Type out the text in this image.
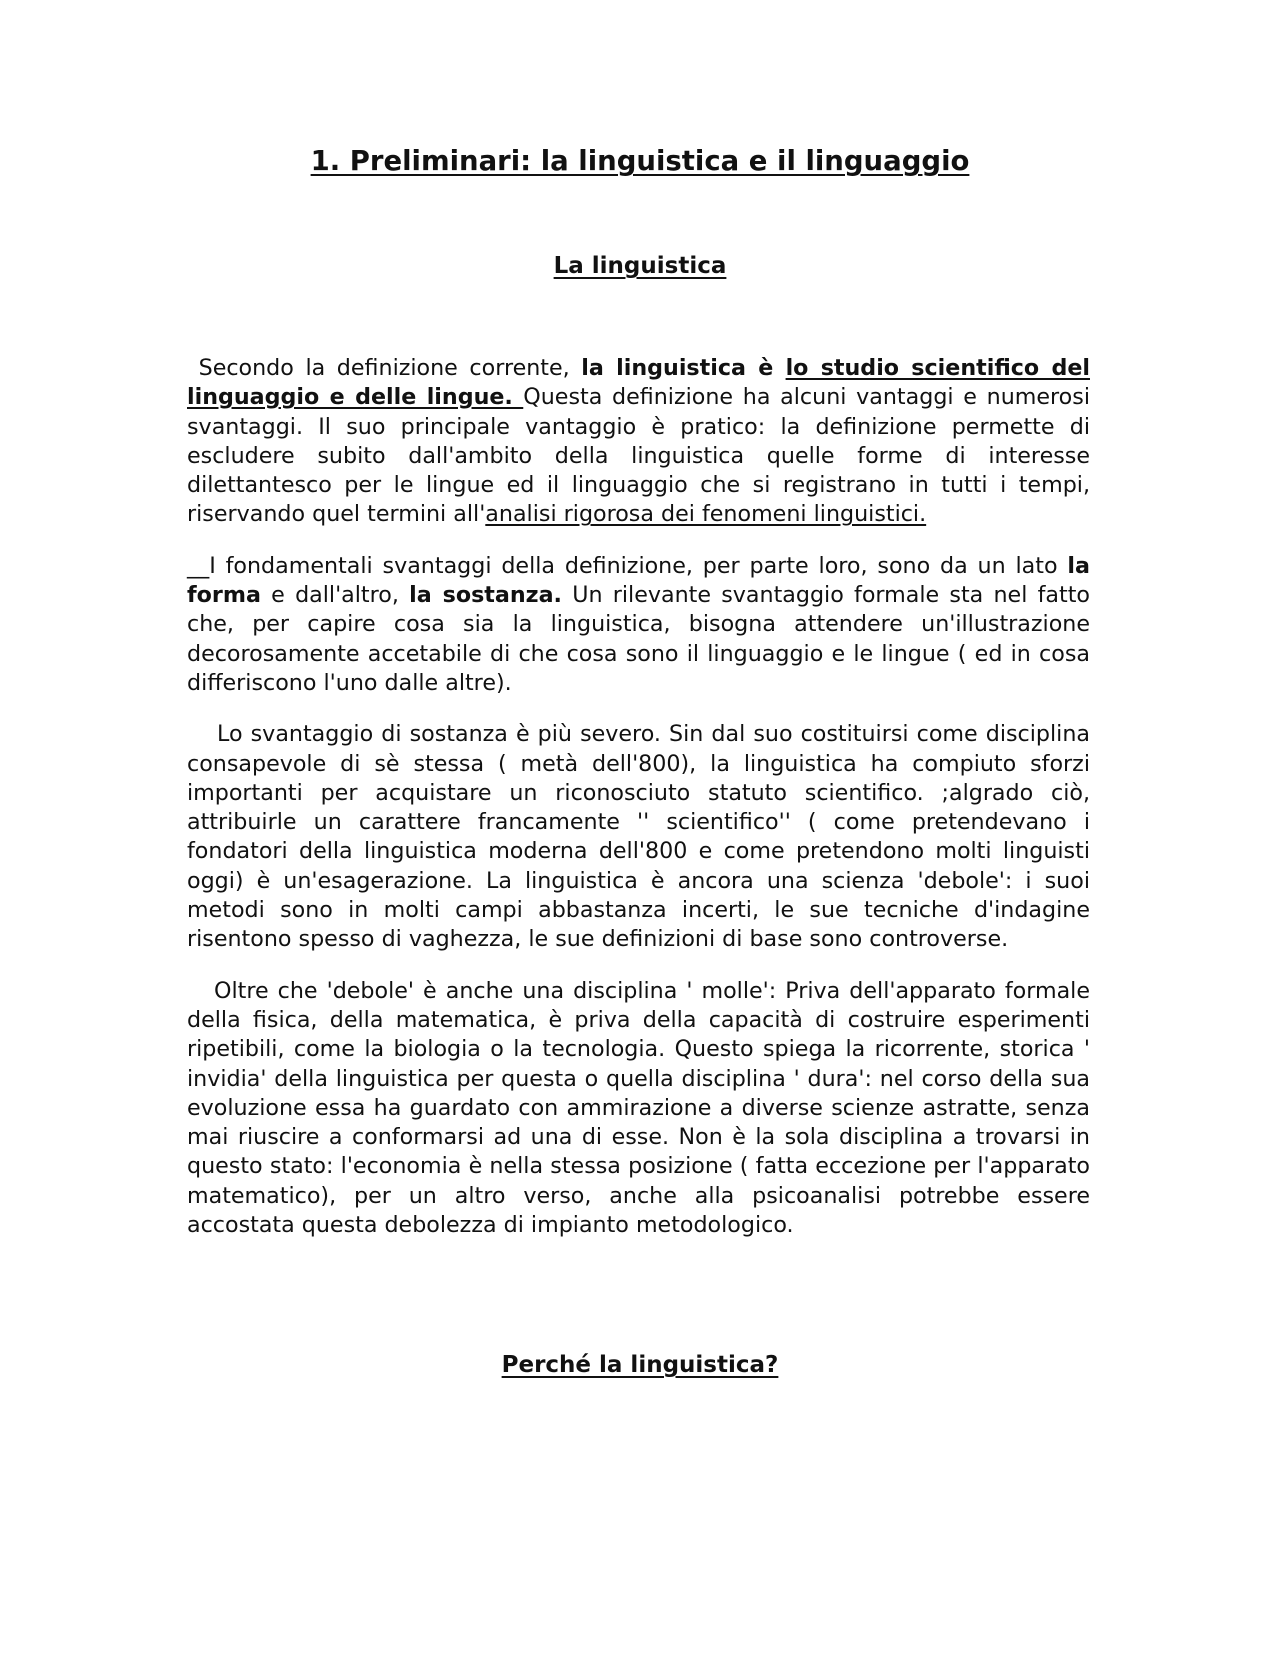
1. Preliminari: la linguistica e il linguaggio
La linguistica

Secondo la definizione corrente, la linguistica è lo studio scientifico del linguaggio e delle lingue. Questa definizione ha alcuni vantaggi e numerosi svantaggi. Il suo principale vantaggio è pratico: la definizione permette di escludere subito dall'ambito della linguistica quelle forme di interesse dilettantesco per le lingue ed il linguaggio che si registrano in tutti i tempi, riservando quel termini all'analisi rigorosa dei fenomeni linguistici.

__I fondamentali svantaggi della definizione, per parte loro, sono da un lato la forma e dall'altro, la sostanza. Un rilevante svantaggio formale sta nel fatto che, per capire cosa sia la linguistica, bisogna attendere un'illustrazione decorosamente accetabile di che cosa sono il linguaggio e le lingue ( ed in cosa differiscono l'uno dalle altre).

Lo svantaggio di sostanza è più severo. Sin dal suo costituirsi come disciplina consapevole di sè stessa ( metà dell'800), la linguistica ha compiuto sforzi importanti per acquistare un riconosciuto statuto scientifico. ;algrado ciò, attribuirle un carattere francamente '' scientifico'' ( come pretendevano i fondatori della linguistica moderna dell'800 e come pretendono molti linguisti oggi) è un'esagerazione. La linguistica è ancora una scienza 'debole': i suoi metodi sono in molti campi abbastanza incerti, le sue tecniche d'indagine risentono spesso di vaghezza, le sue definizioni di base sono controverse.

Oltre che 'debole' è anche una disciplina ' molle': Priva dell'apparato formale della fisica, della matematica, è priva della capacità di costruire esperimenti ripetibili, come la biologia o la tecnologia. Questo spiega la ricorrente, storica ' invidia' della linguistica per questa o quella disciplina ' dura': nel corso della sua evoluzione essa ha guardato con ammirazione a diverse scienze astratte, senza mai riuscire a conformarsi ad una di esse. Non è la sola disciplina a trovarsi in questo stato: l'economia è nella stessa posizione ( fatta eccezione per l'apparato matematico), per un altro verso, anche alla psicoanalisi potrebbe essere accostata questa debolezza di impianto metodologico.

Perché la linguistica?
